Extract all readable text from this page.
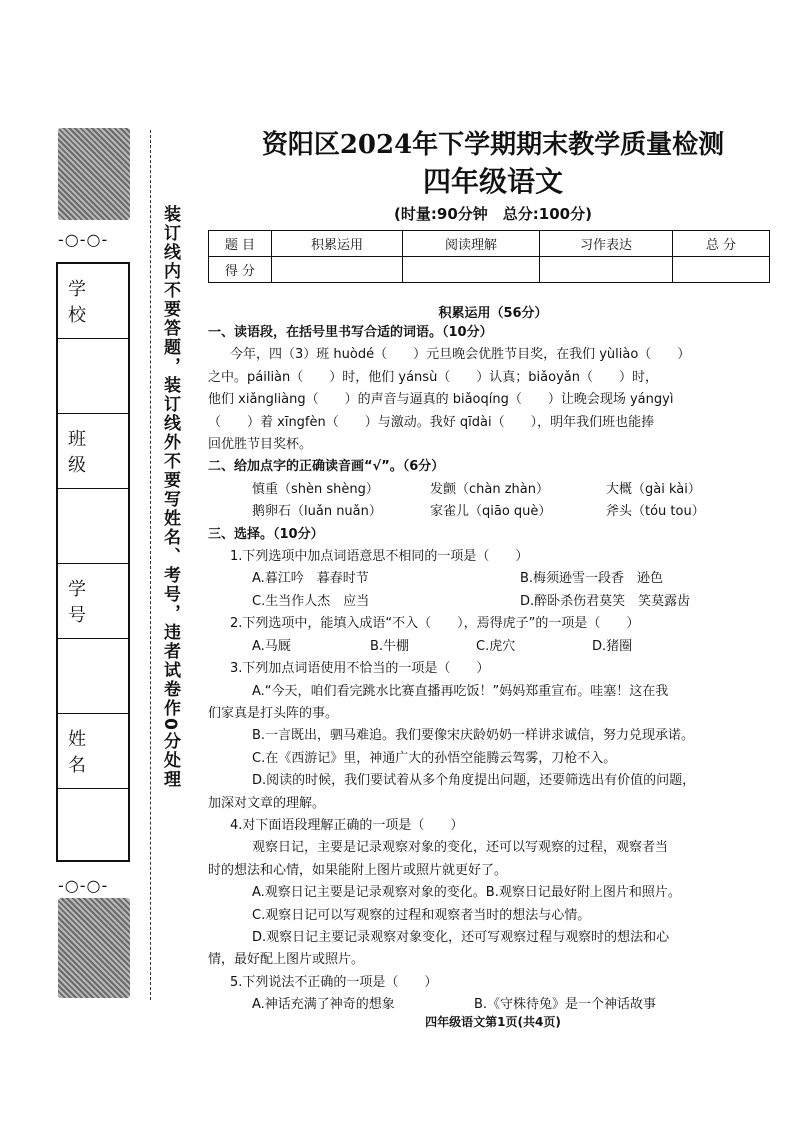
-○-○-
学校
班级
学号
姓名
-○-○-
装订线内不要答题，装订线外不要写姓名、考号，违者试卷作0分处理
资阳区2024年下学期期末教学质量检测
四年级语文
(时量:90分钟　总分:100分)
题 目	积累运用	阅读理解	习作表达	总 分
得 分				
积累运用（56分）

一、读语段，在括号里书写合适的词语。（10分）

今年，四（3）班 huòdé（　　）元旦晚会优胜节目奖，在我们 yùliào（　　）

之中。páiliàn（　　）时，他们 yánsù（　　）认真；biǎoyǎn（　　）时，

他们 xiǎngliàng（　　）的声音与逼真的 biǎoqíng（　　）让晚会现场 yángyì

（　　）着 xīngfèn（　　）与激动。我好 qīdài（　　），明年我们班也能捧

回优胜节目奖杯。

二、给加点字的正确读音画“√”。（6分）

慎重（shèn shèng）	发颤（chàn zhàn）	大概（gài kài）
鹅卵石（luǎn nuǎn）	家雀儿（qiāo què）	斧头（tóu tou）

三、选择。（10分）

1.下列选项中加点词语意思不相同的一项是（　　）

A.暮江吟　暮春时节	B.梅须逊雪一段香　逊色
C.生当作人杰　应当	D.醉卧杀伤君莫笑　笑莫露齿

2.下列选项中，能填入成语“不入（　　），焉得虎子”的一项是（　　）

A.马厩	B.牛棚	C.虎穴	D.猪圈

3.下列加点词语使用不恰当的一项是（　　）

A.“今天，咱们看完跳水比赛直播再吃饭！”妈妈郑重宣布。哇塞！这在我

们家真是打头阵的事。

B.一言既出，驷马难追。我们要像宋庆龄奶奶一样讲求诚信，努力兑现承诺。

C.在《西游记》里，神通广大的孙悟空能腾云驾雾，刀枪不入。

D.阅读的时候，我们要试着从多个角度提出问题，还要筛选出有价值的问题，

加深对文章的理解。

4.对下面语段理解正确的一项是（　　）

观察日记，主要是记录观察对象的变化，还可以写观察的过程，观察者当

时的想法和心情，如果能附上图片或照片就更好了。

A.观察日记主要是记录观察对象的变化。B.观察日记最好附上图片和照片。

C.观察日记可以写观察的过程和观察者当时的想法与心情。

D.观察日记主要记录观察对象变化，还可写观察过程与观察时的想法和心

情，最好配上图片或照片。

5.下列说法不正确的一项是（　　）

A.神话充满了神奇的想象	B.《守株待兔》是一个神话故事
四年级语文第1页(共4页)
